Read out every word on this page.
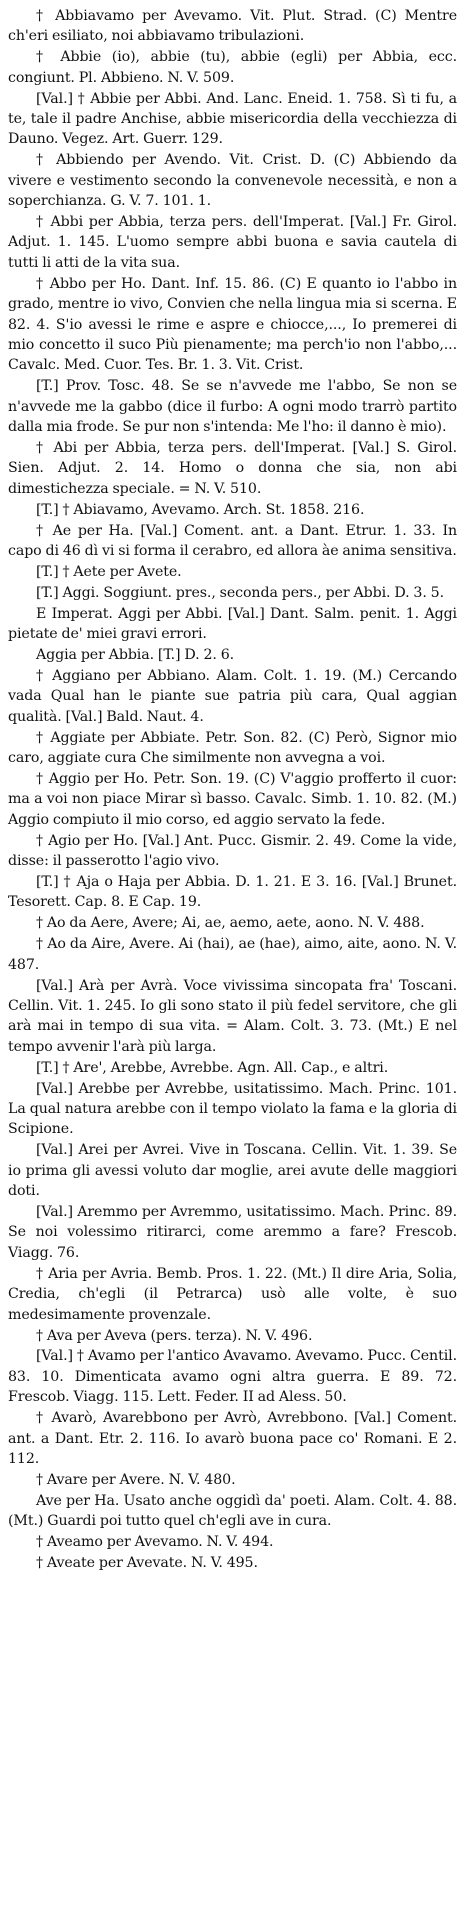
† Abbiavamo per Avevamo. Vit. Plut. Strad. (C) Mentre ch'eri esiliato, noi abbiavamo tribulazioni.

† Abbie (io), abbie (tu), abbie (egli) per Abbia, ecc. congiunt. Pl. Abbieno. N. V. 509.

[Val.] † Abbie per Abbi. And. Lanc. Eneid. 1. 758. Sì ti fu, a te, tale il padre Anchise, abbie misericordia della vecchiezza di Dauno. Vegez. Art. Guerr. 129.

† Abbiendo per Avendo. Vit. Crist. D. (C) Abbiendo da vivere e vestimento secondo la convenevole necessità, e non a soperchianza. G. V. 7. 101. 1.

† Abbi per Abbia, terza pers. dell'Imperat. [Val.] Fr. Girol. Adjut. 1. 145. L'uomo sempre abbi buona e savia cautela di tutti li atti de la vita sua.

† Abbo per Ho. Dant. Inf. 15. 86. (C) E quanto io l'abbo in grado, mentre io vivo, Convien che nella lingua mia si scerna. E 82. 4. S'io avessi le rime e aspre e chiocce,..., Io premerei di mio concetto il suco Più pienamente; ma perch'io non l'abbo,... Cavalc. Med. Cuor. Tes. Br. 1. 3. Vit. Crist.

[T.] Prov. Tosc. 48. Se se n'avvede me l'abbo, Se non se n'avvede me la gabbo (dice il furbo: A ogni modo trarrò partito dalla mia frode. Se pur non s'intenda: Me l'ho: il danno è mio).

† Abi per Abbia, terza pers. dell'Imperat. [Val.] S. Girol. Sien. Adjut. 2. 14. Homo o donna che sia, non abi dimestichezza speciale. = N. V. 510.

[T.] † Abiavamo, Avevamo. Arch. St. 1858. 216.

† Ae per Ha. [Val.] Coment. ant. a Dant. Etrur. 1. 33. In capo di 46 dì vi si forma il cerabro, ed allora àe anima sensitiva.

[T.] † Aete per Avete.

[T.] Aggi. Soggiunt. pres., seconda pers., per Abbi. D. 3. 5.

E Imperat. Aggi per Abbi. [Val.] Dant. Salm. penit. 1. Aggi pietate de' miei gravi errori.

Aggia per Abbia. [T.] D. 2. 6.

† Aggiano per Abbiano. Alam. Colt. 1. 19. (M.) Cercando vada Qual han le piante sue patria più cara, Qual aggian qualità. [Val.] Bald. Naut. 4.

† Aggiate per Abbiate. Petr. Son. 82. (C) Però, Signor mio caro, aggiate cura Che similmente non avvegna a voi.

† Aggio per Ho. Petr. Son. 19. (C) V'aggio profferto il cuor: ma a voi non piace Mirar sì basso. Cavalc. Simb. 1. 10. 82. (M.) Aggio compiuto il mio corso, ed aggio servato la fede.

† Agio per Ho. [Val.] Ant. Pucc. Gismir. 2. 49. Come la vide, disse: il passerotto l'agio vivo.

[T.] † Aja o Haja per Abbia. D. 1. 21. E 3. 16. [Val.] Brunet. Tesorett. Cap. 8. E Cap. 19.

† Ao da Aere, Avere; Ai, ae, aemo, aete, aono. N. V. 488.

† Ao da Aire, Avere. Ai (hai), ae (hae), aimo, aite, aono. N. V. 487.

[Val.] Arà per Avrà. Voce vivissima sincopata fra' Toscani. Cellin. Vit. 1. 245. Io gli sono stato il più fedel servitore, che gli arà mai in tempo di sua vita. = Alam. Colt. 3. 73. (Mt.) E nel tempo avvenir l'arà più larga.

[T.] † Are', Arebbe, Avrebbe. Agn. All. Cap., e altri.

[Val.] Arebbe per Avrebbe, usitatissimo. Mach. Princ. 101. La qual natura arebbe con il tempo violato la fama e la gloria di Scipione.

[Val.] Arei per Avrei. Vive in Toscana. Cellin. Vit. 1. 39. Se io prima gli avessi voluto dar moglie, arei avute delle maggiori doti.

[Val.] Aremmo per Avremmo, usitatissimo. Mach. Princ. 89. Se noi volessimo ritirarci, come aremmo a fare? Frescob. Viagg. 76.

† Aria per Avria. Bemb. Pros. 1. 22. (Mt.) Il dire Aria, Solia, Credia, ch'egli (il Petrarca) usò alle volte, è suo medesimamente provenzale.

† Ava per Aveva (pers. terza). N. V. 496.

[Val.] † Avamo per l'antico Avavamo. Avevamo. Pucc. Centil. 83. 10. Dimenticata avamo ogni altra guerra. E 89. 72. Frescob. Viagg. 115. Lett. Feder. II ad Aless. 50.

† Avarò, Avarebbono per Avrò, Avrebbono. [Val.] Coment. ant. a Dant. Etr. 2. 116. Io avarò buona pace co' Romani. E 2. 112.

† Avare per Avere. N. V. 480.

Ave per Ha. Usato anche oggidì da' poeti. Alam. Colt. 4. 88. (Mt.) Guardi poi tutto quel ch'egli ave in cura.

† Aveamo per Avevamo. N. V. 494.

† Aveate per Avevate. N. V. 495.
